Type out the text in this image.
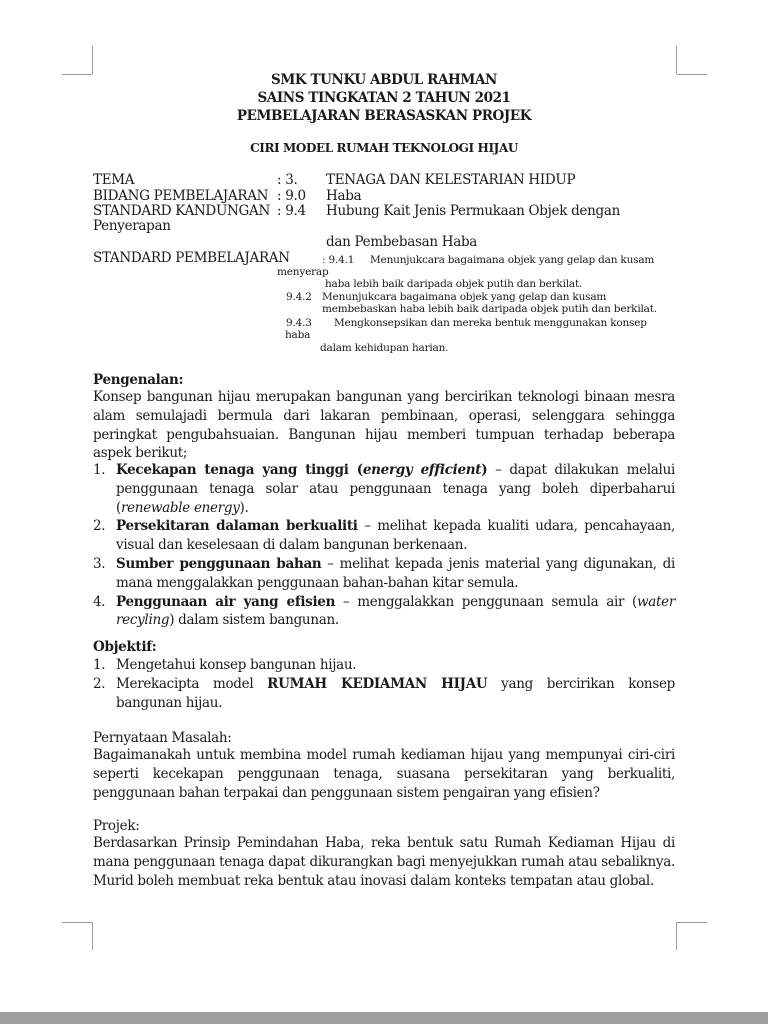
SMK TUNKU ABDUL RAHMAN
SAINS TINGKATAN 2 TAHUN 2021
PEMBELAJARAN BERASASKAN PROJEK
CIRI MODEL RUMAH TEKNOLOGI HIJAU
TEMA	: 3. TENAGA DAN KELESTARIAN HIDUP
BIDANG PEMBELAJARAN : 9.0 Haba
STANDARD KANDUNGAN : 9.4 Hubung Kait Jenis Permukaan Objek dengan
Penyerapan
dan Pembebasan Haba
STANDARD PEMBELAJARAN	: 9.4.1 Menunjukcara bagaimana objek yang gelap dan kusam
menyerap
haba lebih baik daripada objek putih dan berkilat.
9.4.2 Menunjukcara bagaimana objek yang gelap dan kusam
membebaskan haba lebih baik daripada objek putih dan berkilat.
9.4.3 Mengkonsepsikan dan mereka bentuk menggunakan konsep
haba
dalam kehidupan harian.
Pengenalan:
Konsep bangunan hijau merupakan bangunan yang bercirikan teknologi binaan mesra alam semulajadi bermula dari lakaran pembinaan, operasi, selenggara sehingga peringkat pengubahsuaian. Bangunan hijau memberi tumpuan terhadap beberapa aspek berikut;
1. Kecekapan tenaga yang tinggi (energy efficient) – dapat dilakukan melalui penggunaan tenaga solar atau penggunaan tenaga yang boleh diperbaharui (renewable energy).
2. Persekitaran dalaman berkualiti – melihat kepada kualiti udara, pencahayaan, visual dan keselesaan di dalam bangunan berkenaan.
3. Sumber penggunaan bahan – melihat kepada jenis material yang digunakan, di mana menggalakkan penggunaan bahan-bahan kitar semula.
4. Penggunaan air yang efisien – menggalakkan penggunaan semula air (water recyling) dalam sistem bangunan.
Objektif:
1. Mengetahui konsep bangunan hijau.
2. Merekacipta model RUMAH KEDIAMAN HIJAU yang bercirikan konsep bangunan hijau.
Pernyataan Masalah:
Bagaimanakah untuk membina model rumah kediaman hijau yang mempunyai ciri-ciri seperti kecekapan penggunaan tenaga, suasana persekitaran yang berkualiti, penggunaan bahan terpakai dan penggunaan sistem pengairan yang efisien?
Projek:
Berdasarkan Prinsip Pemindahan Haba, reka bentuk satu Rumah Kediaman Hijau di mana penggunaan tenaga dapat dikurangkan bagi menyejukkan rumah atau sebaliknya. Murid boleh membuat reka bentuk atau inovasi dalam konteks tempatan atau global.
